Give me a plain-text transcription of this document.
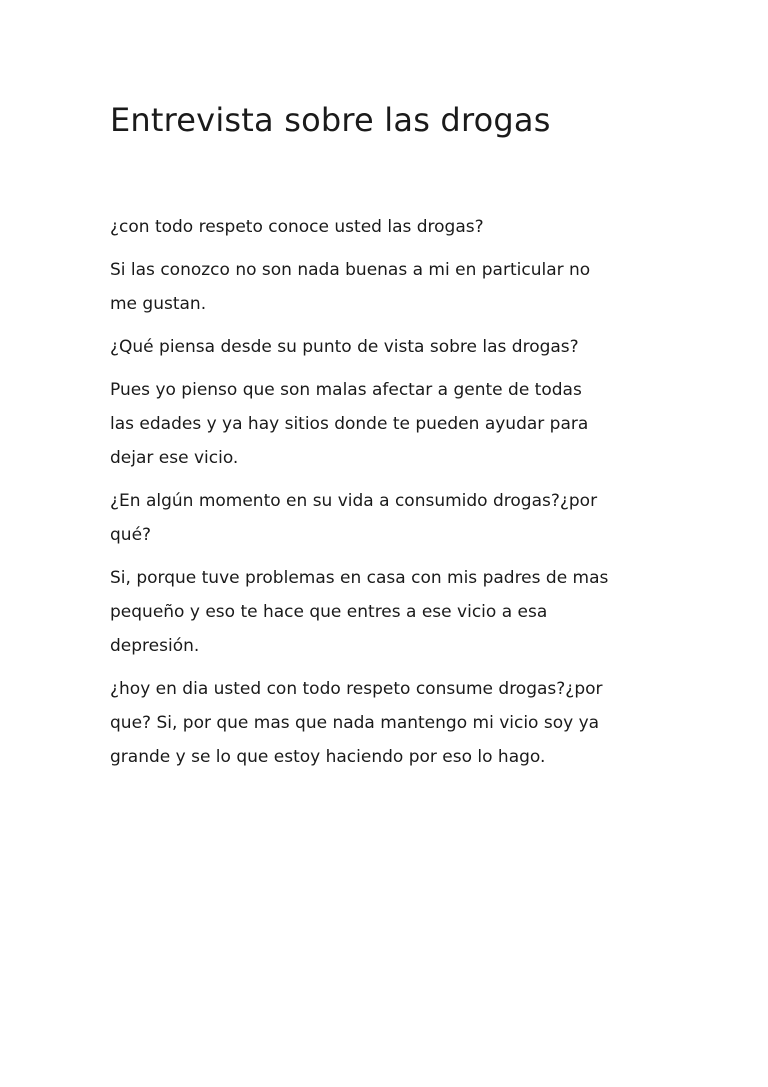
Entrevista sobre las drogas

¿con todo respeto conoce usted las drogas?

Si las conozco no son nada buenas a mi en particular no
me gustan.

¿Qué piensa desde su punto de vista sobre las drogas?

Pues yo pienso que son malas afectar a gente de todas
las edades y ya hay sitios donde te pueden ayudar para
dejar ese vicio.

¿En algún momento en su vida a consumido drogas?¿por
qué?

Si, porque tuve problemas en casa con mis padres de mas
pequeño y eso te hace que entres a ese vicio a esa
depresión.

¿hoy en dia usted con todo respeto consume drogas?¿por
que? Si, por que mas que nada mantengo mi vicio soy ya
grande y se lo que estoy haciendo por eso lo hago.
